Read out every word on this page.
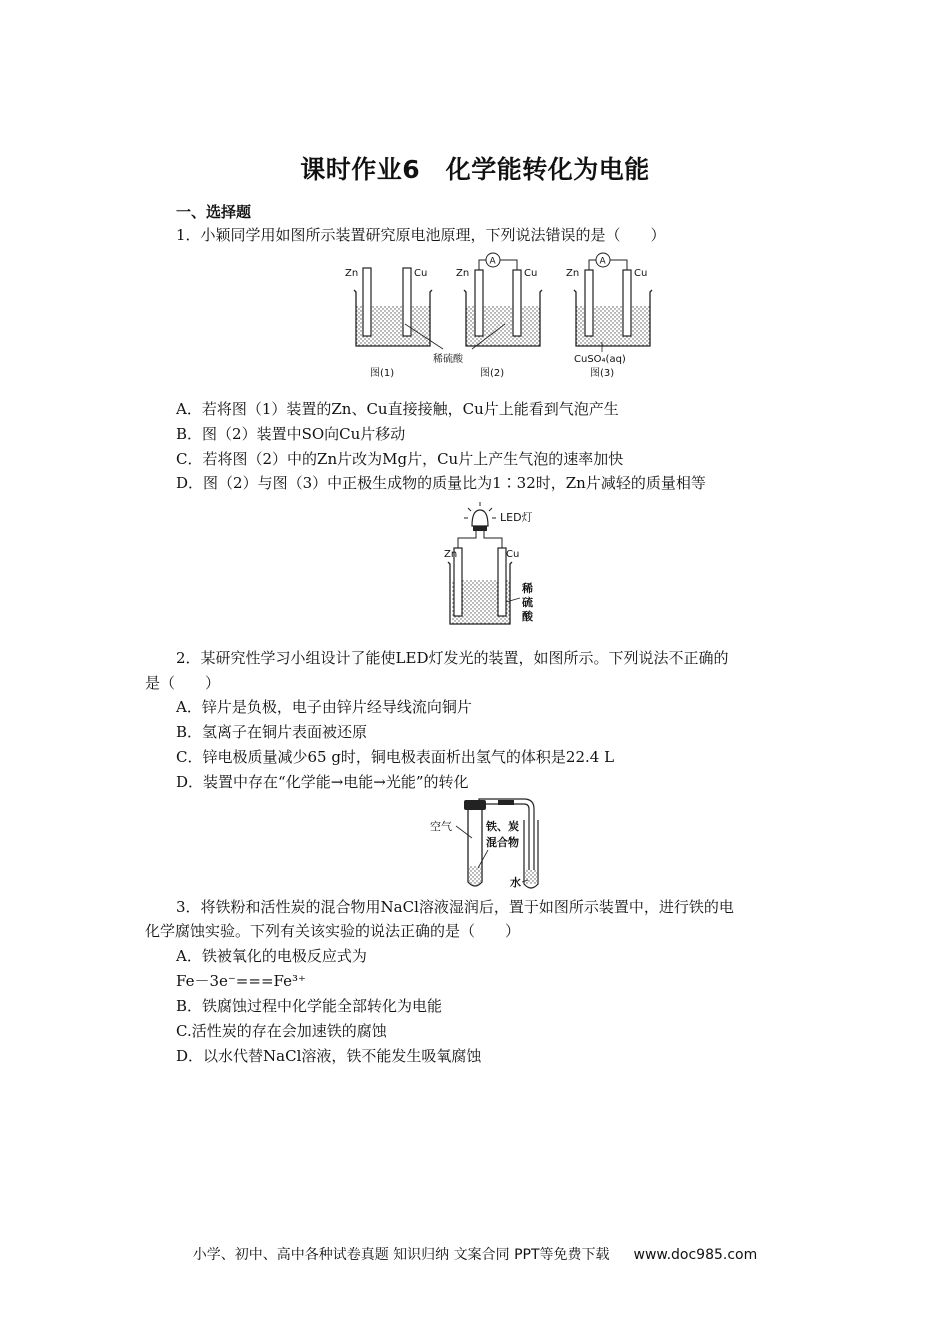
课时作业6　化学能转化为电能
一、选择题
1．小颖同学用如图所示装置研究原电池原理，下列说法错误的是（　　）
Zn	Cu
A
Zn	Cu
A
Zn	Cu
稀硫酸	CuSO₄(aq)
图(1)	图(2)	图(3)
A．若将图（1）装置的Zn、Cu直接接触，Cu片上能看到气泡产生
B．图（2）装置中SO向Cu片移动
C．若将图（2）中的Zn片改为Mg片，Cu片上产生气泡的速率加快
D．图（2）与图（3）中正极生成物的质量比为1∶32时，Zn片减轻的质量相等
LED灯
Zn	Cu
稀
硫
酸
2．某研究性学习小组设计了能使LED灯发光的装置，如图所示。下列说法不正确的
是（　　）
A．锌片是负极，电子由锌片经导线流向铜片
B．氢离子在铜片表面被还原
C．锌电极质量减少65 g时，铜电极表面析出氢气的体积是22.4 L
D．装置中存在“化学能→电能→光能”的转化
空气	铁、炭
混合物
水
3．将铁粉和活性炭的混合物用NaCl溶液湿润后，置于如图所示装置中，进行铁的电
化学腐蚀实验。下列有关该实验的说法正确的是（　　）
A．铁被氧化的电极反应式为
Fe－3e⁻===Fe³⁺
B．铁腐蚀过程中化学能全部转化为电能
C.活性炭的存在会加速铁的腐蚀
D．以水代替NaCl溶液，铁不能发生吸氧腐蚀
小学、初中、高中各种试卷真题 知识归纳 文案合同 PPT等免费下载 www.doc985.com
